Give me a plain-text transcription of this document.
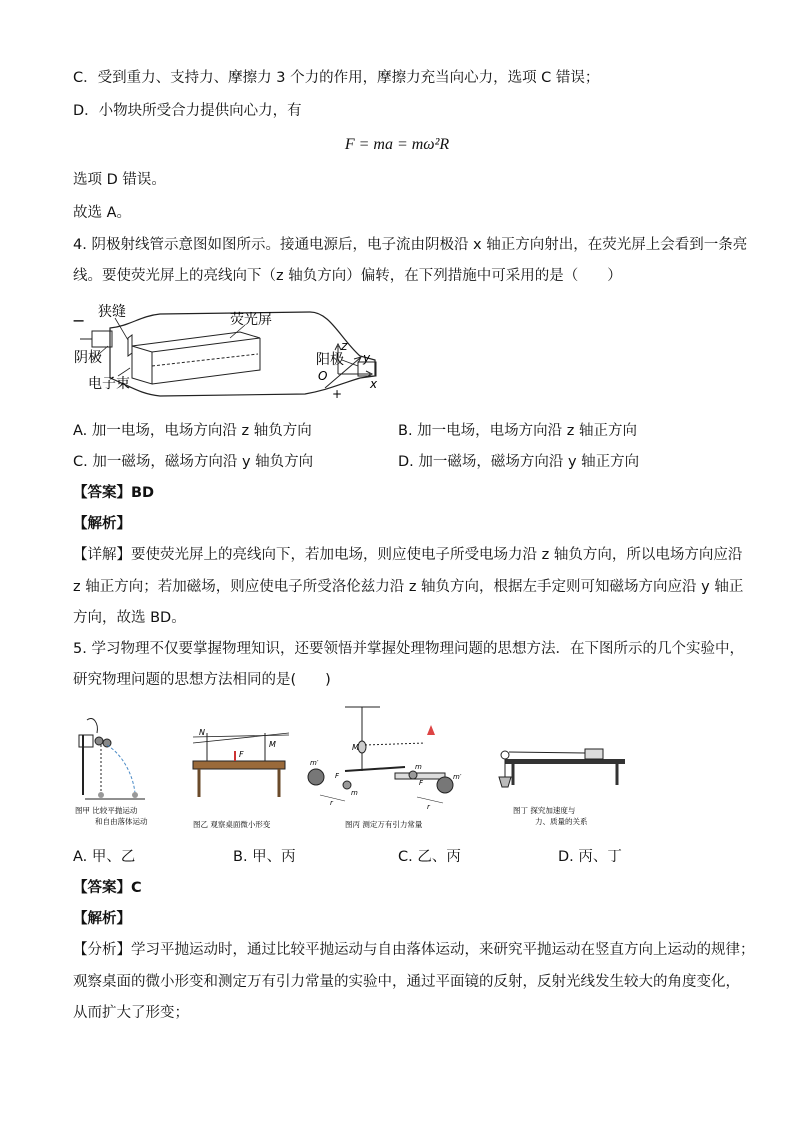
C．受到重力、支持力、摩擦力 3 个力的作用，摩擦力充当向心力，选项 C 错误；
D．小物块所受合力提供向心力，有
F = ma = mω²R
选项 D 错误。
故选 A。
4. 阴极射线管示意图如图所示。接通电源后，电子流由阴极沿 x 轴正方向射出，在荧光屏上会看到一条亮
线。要使荧光屏上的亮线向下（z 轴负方向）偏转，在下列措施中可采用的是（　　）
狭缝	荧光屏
阴极
电子束
阳极
−
+
z
y
x
O
A. 加一电场，电场方向沿 z 轴负方向	B. 加一电场，电场方向沿 z 轴正方向
C. 加一磁场，磁场方向沿 y 轴负方向	D. 加一磁场，磁场方向沿 y 轴正方向
【答案】BD
【解析】
【详解】要使荧光屏上的亮线向下，若加电场，则应使电子所受电场力沿 z 轴负方向，所以电场方向应沿
z 轴正方向；若加磁场，则应使电子所受洛伦兹力沿 z 轴负方向，根据左手定则可知磁场方向应沿 y 轴正
方向，故选 BD。
5. 学习物理不仅要掌握物理知识，还要领悟并掌握处理物理问题的思想方法．在下图所示的几个实验中，
研究物理问题的思想方法相同的是(　　)
图甲 比较平抛运动
和自由落体运动
N
M
F
图乙 观察桌面微小形变
M
m′
m
m
m′
F
F
r	r
图丙 测定万有引力常量
图丁 探究加速度与
力、质量的关系
A. 甲、乙	B. 甲、丙	C. 乙、丙	D. 丙、丁
【答案】C
【解析】
【分析】学习平抛运动时，通过比较平抛运动与自由落体运动，来研究平抛运动在竖直方向上运动的规律；
观察桌面的微小形变和测定万有引力常量的实验中，通过平面镜的反射，反射光线发生较大的角度变化，
从而扩大了形变；
